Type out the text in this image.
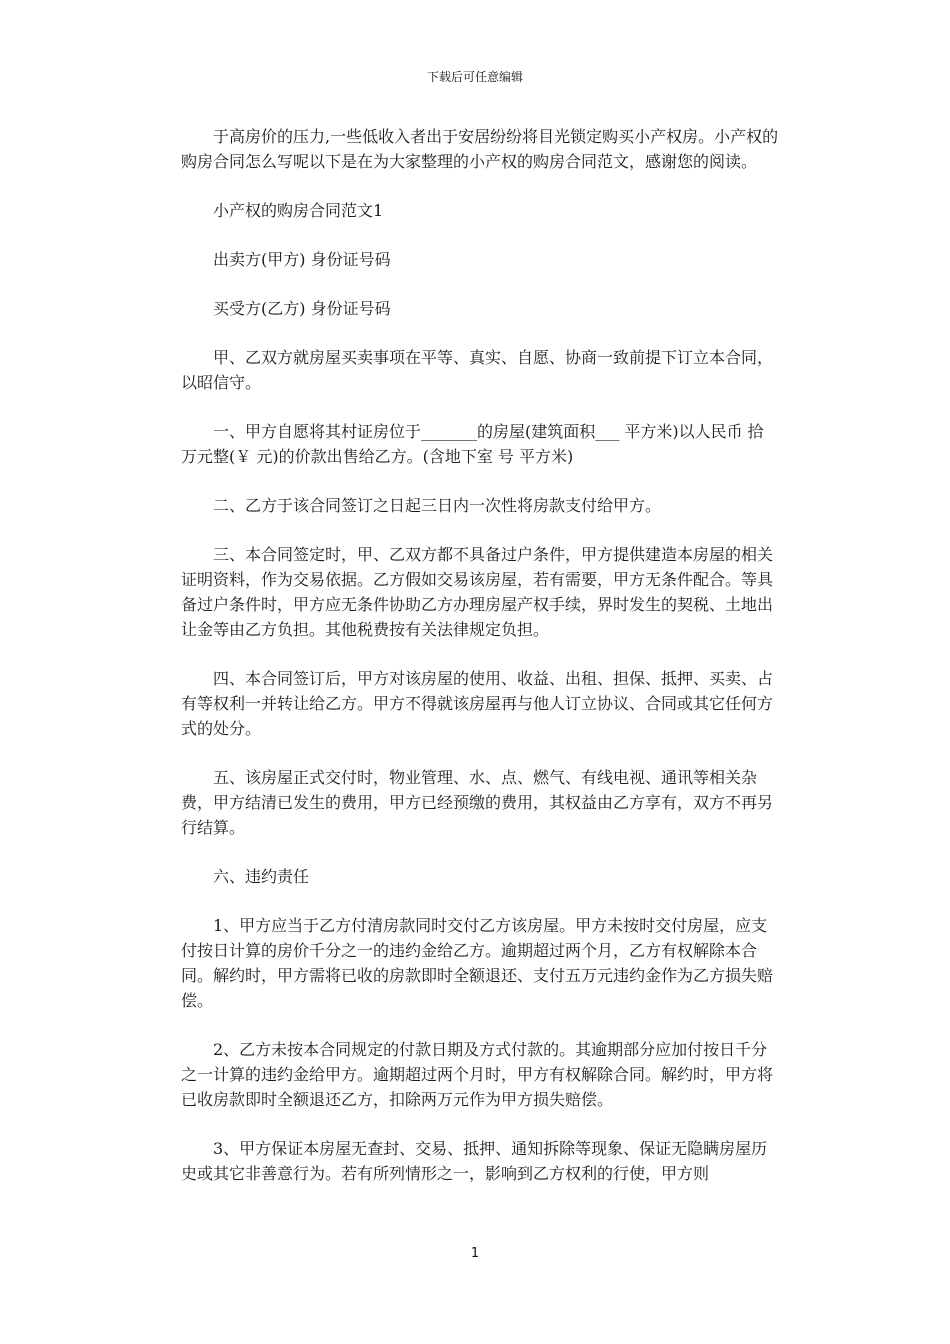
下载后可任意编辑

于高房价的压力,一些低收入者出于安居纷纷将目光锁定购买小产权房。小产权的购房合同怎么写呢以下是在为大家整理的小产权的购房合同范文，感谢您的阅读。

小产权的购房合同范文1

出卖方(甲方) 身份证号码

买受方(乙方) 身份证号码

甲、乙双方就房屋买卖事项在平等、真实、自愿、协商一致前提下订立本合同，以昭信守。

一、甲方自愿将其村证房位于_______的房屋(建筑面积___ 平方米)以人民币 拾 万元整(￥ 元)的价款出售给乙方。(含地下室 号 平方米)

二、乙方于该合同签订之日起三日内一次性将房款支付给甲方。

三、本合同签定时，甲、乙双方都不具备过户条件，甲方提供建造本房屋的相关证明资料，作为交易依据。乙方假如交易该房屋，若有需要，甲方无条件配合。等具备过户条件时，甲方应无条件协助乙方办理房屋产权手续，界时发生的契税、土地出让金等由乙方负担。其他税费按有关法律规定负担。

四、本合同签订后，甲方对该房屋的使用、收益、出租、担保、抵押、买卖、占有等权利一并转让给乙方。甲方不得就该房屋再与他人订立协议、合同或其它任何方式的处分。

五、该房屋正式交付时，物业管理、水、点、燃气、有线电视、通讯等相关杂费，甲方结清已发生的费用，甲方已经预缴的费用，其权益由乙方享有，双方不再另行结算。

六、违约责任

1、甲方应当于乙方付清房款同时交付乙方该房屋。甲方未按时交付房屋，应支付按日计算的房价千分之一的违约金给乙方。逾期超过两个月，乙方有权解除本合同。解约时，甲方需将已收的房款即时全额退还、支付五万元违约金作为乙方损失赔偿。

2、乙方未按本合同规定的付款日期及方式付款的。其逾期部分应加付按日千分之一计算的违约金给甲方。逾期超过两个月时，甲方有权解除合同。解约时，甲方将已收房款即时全额退还乙方，扣除两万元作为甲方损失赔偿。

3、甲方保证本房屋无查封、交易、抵押、通知拆除等现象、保证无隐瞒房屋历史或其它非善意行为。若有所列情形之一，影响到乙方权利的行使，甲方则

1
